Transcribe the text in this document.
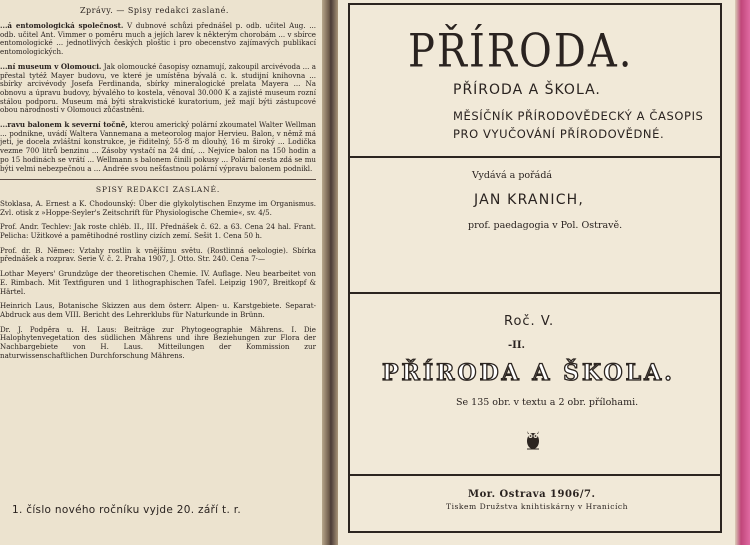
Zprávy. — Spisy redakci zaslané.

...á entomologická společnost. V dubnové schůzi přednášel p. odb. učitel Aug. ... odb. učitel Ant. Vimmer o poměru much a jejích larev k některým chorobám ... v sbírce entomologické ... jednotlivých českých ploštic i pro obecenstvo zajímavých publikací entomologických.

...ní museum v Olomouci. Jak olomoucké časopisy oznamují, zakoupil arcivévoda ... a přestal tytéž Mayer budovu, ve které je umístěna bývalá c. k. studijní knihovna ... sbírky arcivévody Josefa Ferdinanda, sbírky mineralogické prelata Mayera ... Na obnovu a úpravu budovy, bývalého to kostela, věnoval 30.000 K a zajisté museum rozní stálou podporu. Museum má býti strakvistické kuratorium, jež mají býti zástupcové obou národností v Olomouci zůčastněni.

...ravu balonem k severní točně, kterou americký polární zkoumatel Walter Wellman ... podnikne, uvádí Waltera Vannemana a meteorolog major Hervieu. Balon, v němž má jeti, je docela zvláštní konstrukce, je řiditelný, 55·8 m dlouhý, 16 m široký ... Lodička vezme 700 litrů benzinu ... Zásoby vystačí na 24 dní, ... Nejvíce balon na 150 hodin a po 15 hodinách se vrátí ... Wellmann s balonem činili pokusy ... Polární cesta zdá se mu býti velmi nebezpečnou a ... Andrée svou nešťastnou polární výpravu balonem podnikl.

SPISY REDAKCI ZASLANÉ.

Stoklasa, A. Ernest a K. Chodounský: Úber die glykolytischen Enzyme im Organismus. Zvl. otisk z »Hoppe-Seyler's Zeitschrift für Physiologische Chemie«, sv. 4/5.

Prof. Andr. Techlev: Jak roste chléb. II., III. Přednášek č. 62. a 63. Cena 24 hal. Frant. Pelicha: Užitkové a pamětihodné rostliny cizích zemí. Sešit 1. Cena 50 h.

Prof. dr. B. Němec: Vztahy rostlin k vnějšímu světu. (Rostlinná oekologie). Sbírka přednášek a rozprav. Serie V. č. 2. Praha 1907, J. Otto. Str. 240. Cena 7·—

Lothar Meyers' Grundzüge der theoretischen Chemie. IV. Auflage. Neu bearbeitet von E. Rimbach. Mit Textfiguren und 1 lithographischen Tafel. Leipzig 1907, Breitkopf & Härtel.

Heinrich Laus, Botanische Skizzen aus dem österr. Alpen- u. Karstgebiete. Separat-Abdruck aus dem VIII. Bericht des Lehrerklubs für Naturkunde in Brünn.

Dr. J. Podpěra u. H. Laus: Beiträge zur Phytogeographie Mährens. I. Die Halophytenvegetation des südlichen Mährens und ihre Beziehungen zur Flora der Nachbargebiete von H. Laus. Mitteilungen der Kommission zur naturwissenschaftlichen Durchforschung Mährens.

1. číslo nového ročníku vyjde 20. září t. r.
PŘÍRODA.
PŘÍRODA A ŠKOLA.
MĚSÍČNÍK PŘÍRODOVĚDECKÝ A ČASOPIS PRO VYUČOVÁNÍ PŘÍRODOVĚDNÉ.
Vydává a pořádá
JAN KRANICH,
prof. paedagogia v Pol. Ostravě.
Roč. V.
-II.
PŘÍRODA A ŠKOLA.
Se 135 obr. v textu a 2 obr. přílohami.
Mor. Ostrava 1906/7.
Tiskem Družstva knihtiskárny v Hranicích
